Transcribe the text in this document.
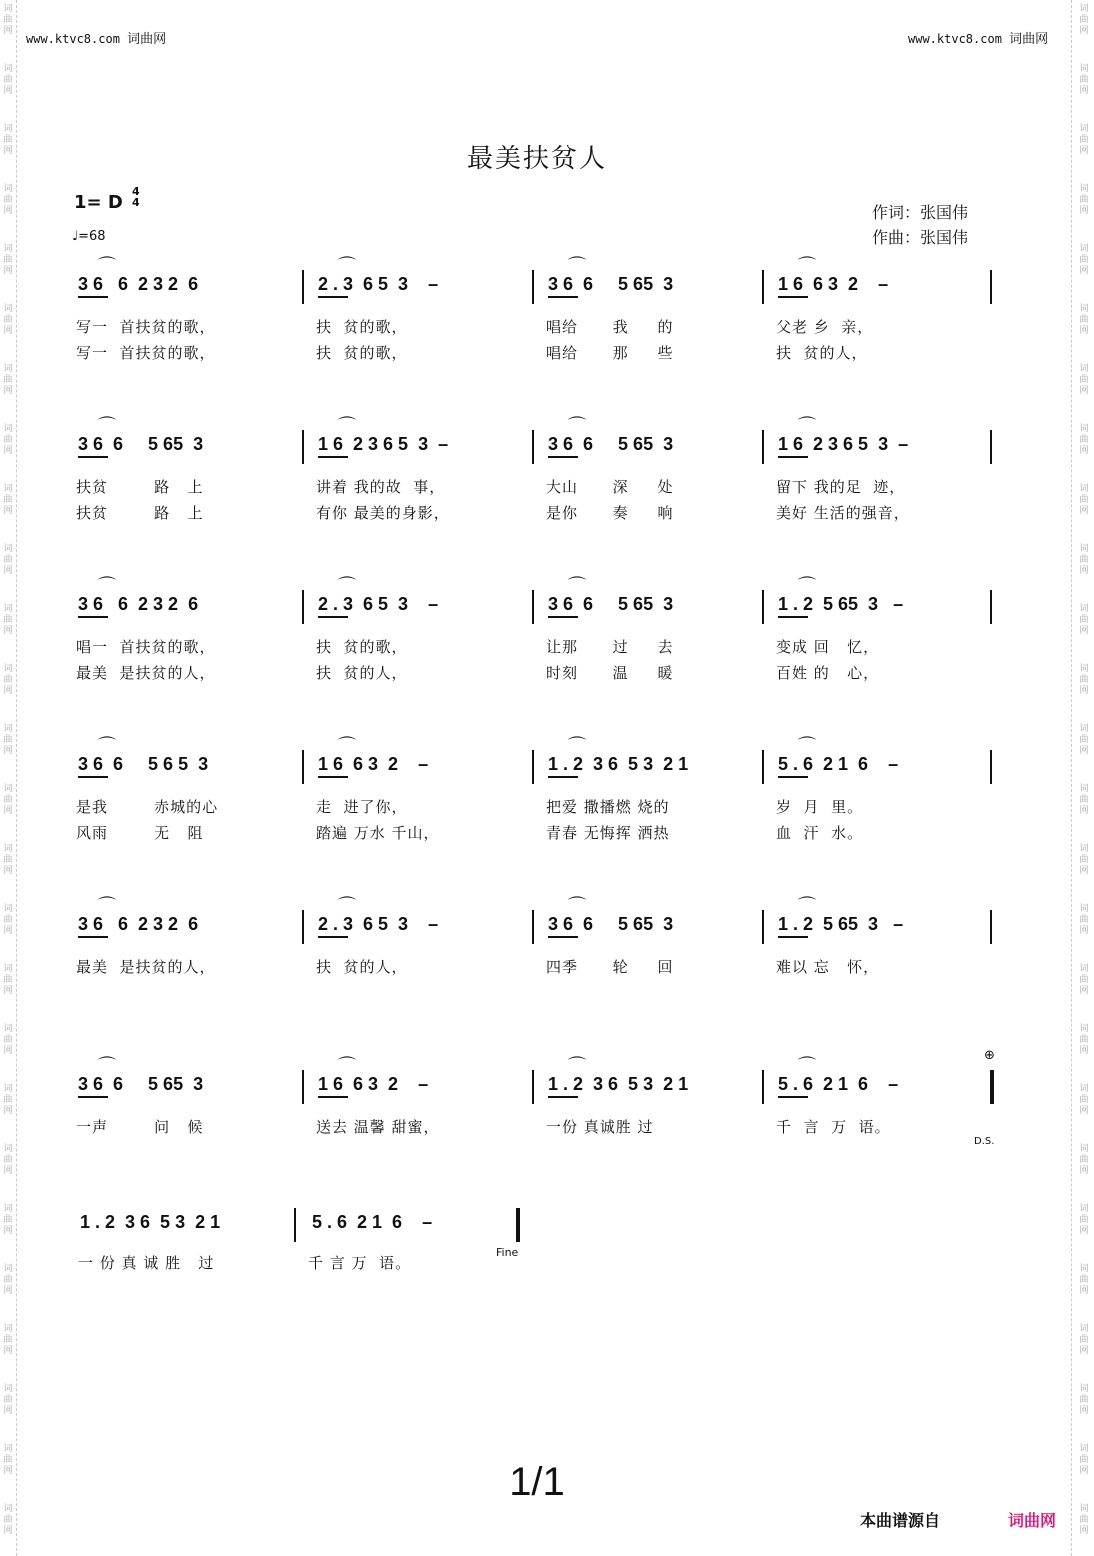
词
曲
网
词
曲
网
词
曲
网
词
曲
网
词
曲
网
词
曲
网
词
曲
网
词
曲
网
词
曲
网
词
曲
网
词
曲
网
词
曲
网
词
曲
网
词
曲
网
词
曲
网
词
曲
网
词
曲
网
词
曲
网
词
曲
网
词
曲
网
词
曲
网
词
曲
网
词
曲
网
词
曲
网
词
曲
网
词
曲
网
词
曲
网
词
曲
网
词
曲
网
词
曲
网
词
曲
网
词
曲
网
词
曲
网
词
曲
网
词
曲
网
词
曲
网
词
曲
网
词
曲
网
词
曲
网
词
曲
网
词
曲
网
词
曲
网
词
曲
网
词
曲
网
词
曲
网
词
曲
网
词
曲
网
词
曲
网
词
曲
网
词
曲
网
词
曲
网
词
曲
网
www.ktvc8.com 词曲网	www.ktvc8.com 词曲网
最美扶贫人
1= D
4
4
♩=68
作词：张国伟
作曲：张国伟
3 6   6  2 3 2  6	2 . 3  6 5  3    –	3 6  6     5 65  3	1 6  6 3  2    –
⌒	⌒	⌒	⌒
写一  首扶贫的歌，	扶  贫的歌，	唱给      我     的	父老 乡  亲，
写一  首扶贫的歌，	扶  贫的歌，	唱给      那     些	扶  贫的人，
3 6  6     5 65  3	1 6  2 3 6 5  3  –	3 6  6     5 65  3	1 6  2 3 6 5  3  –
⌒	⌒	⌒	⌒
扶贫        路   上	讲着 我的故  事，	大山      深     处	留下 我的足  迹，
扶贫        路   上	有你 最美的身影，	是你      奏     响	美好 生活的强音，
3 6   6  2 3 2  6	2 . 3  6 5  3    –	3 6  6     5 65  3	1 . 2  5 65  3   –
⌒	⌒	⌒	⌒
唱一  首扶贫的歌，	扶  贫的歌，	让那      过     去	变成 回   忆，
最美  是扶贫的人，	扶  贫的人，	时刻      温     暖	百姓 的   心，
3 6  6     5 6 5  3	1 6  6 3  2    –	1 . 2  3 6  5 3  2 1	5 . 6  2 1  6    –
⌒	⌒	⌒	⌒
是我        赤城的心	走  进了你，	把爱 撒播燃 烧的	岁  月  里。
风雨        无   阻	踏遍 万水 千山，	青春 无悔挥 洒热	血  汗  水。
3 6   6  2 3 2  6	2 . 3  6 5  3    –	3 6  6     5 65  3	1 . 2  5 65  3   –
⌒	⌒	⌒	⌒
最美  是扶贫的人，	扶  贫的人，	四季      轮     回	难以 忘   怀，
3 6  6     5 65  3	1 6  6 3  2    –	1 . 2  3 6  5 3  2 1	5 . 6  2 1  6    –
⌒	⌒	⌒	⌒
一声        问   候	送去 温馨 甜蜜，	一份 真诚胜 过	千  言  万  语。
D.S.
⊕
1 . 2  3 6  5 3  2 1	5 . 6  2 1  6    –
一 份 真 诚 胜   过	千 言 万  语。
Fine
1/1
本曲谱源自	词曲网
